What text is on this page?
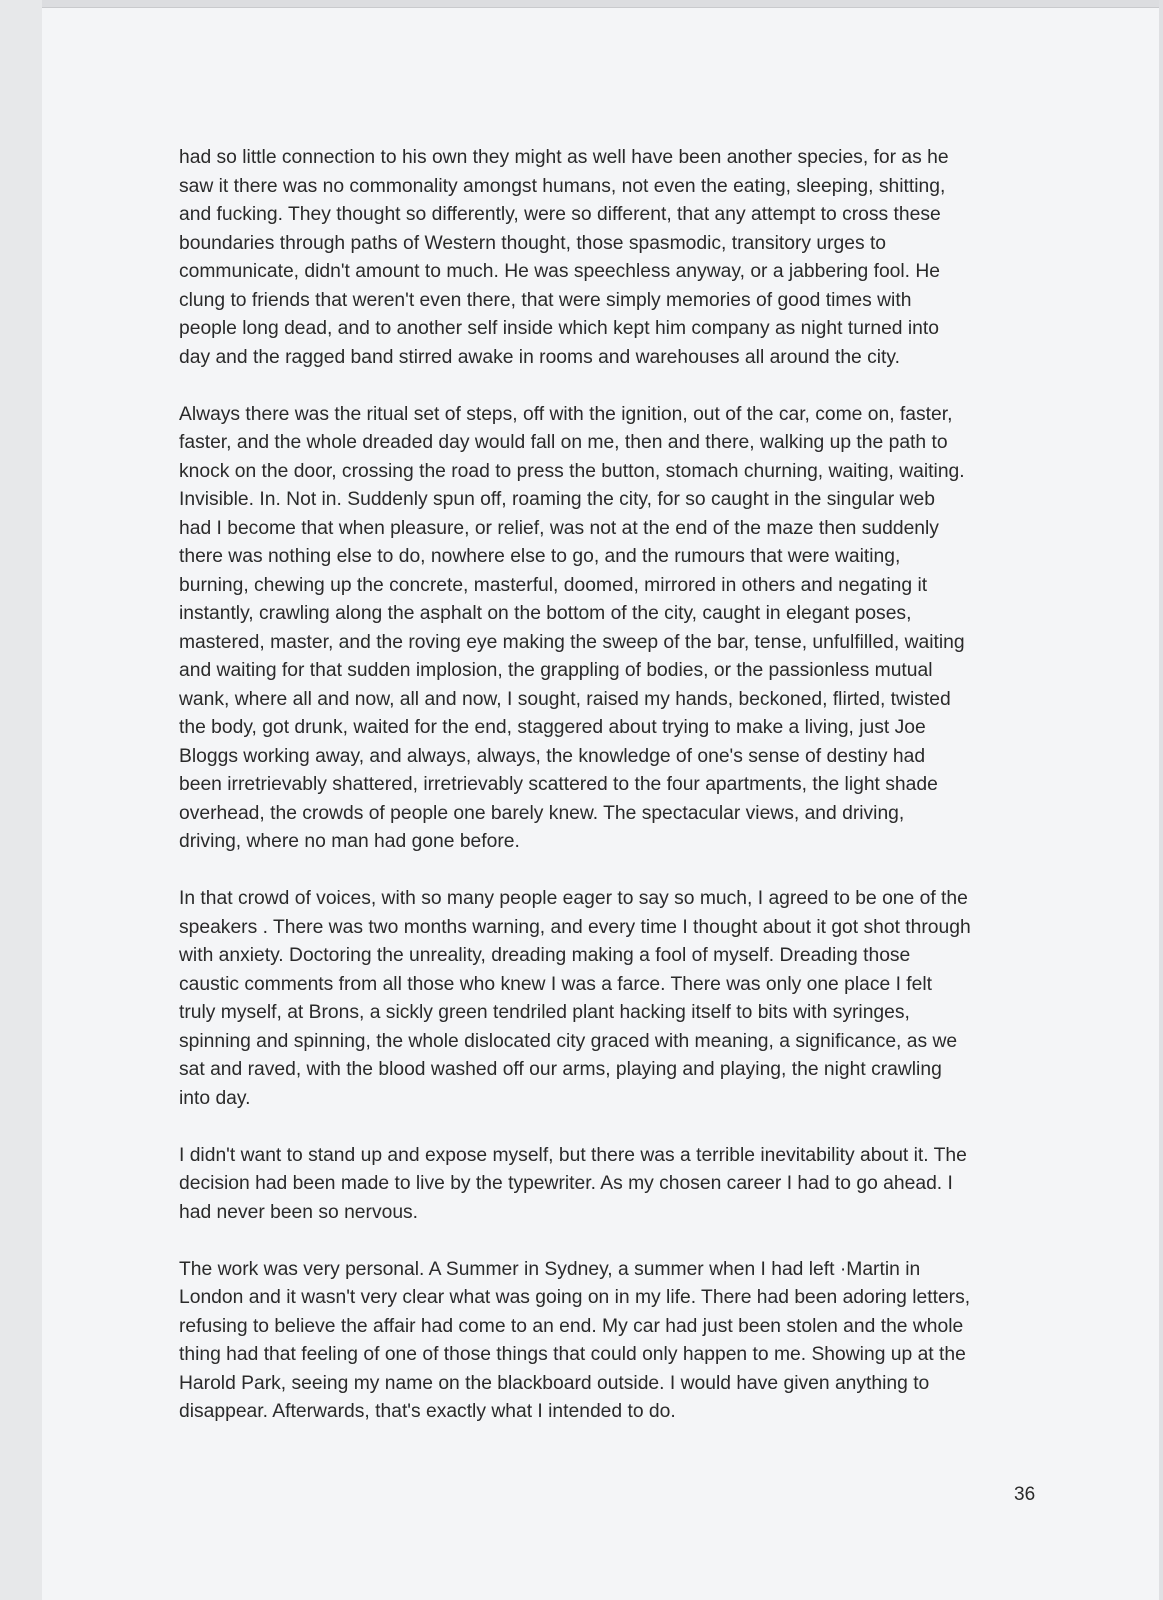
had so little connection to his own they might as well have been another species, for as he
saw it there was no commonality amongst humans, not even the eating, sleeping, shitting,
and fucking. They thought so differently, were so different, that any attempt to cross these
boundaries through paths of Western thought, those spasmodic, transitory urges to
communicate, didn't amount to much. He was speechless anyway, or a jabbering fool. He
clung to friends that weren't even there, that were simply memories of good times with
people long dead, and to another self inside which kept him company as night turned into
day and the ragged band stirred awake in rooms and warehouses all around the city.
Always there was the ritual set of steps, off with the ignition, out of the car, come on, faster,
faster, and the whole dreaded day would fall on me, then and there, walking up the path to
knock on the door, crossing the road to press the button, stomach churning, waiting, waiting.
Invisible. In. Not in. Suddenly spun off, roaming the city, for so caught in the singular web
had I become that when pleasure, or relief, was not at the end of the maze then suddenly
there was nothing else to do, nowhere else to go, and the rumours that were waiting,
burning, chewing up the concrete, masterful, doomed, mirrored in others and negating it
instantly, crawling along the asphalt on the bottom of the city, caught in elegant poses,
mastered, master, and the roving eye making the sweep of the bar, tense, unfulfilled, waiting
and waiting for that sudden implosion, the grappling of bodies, or the passionless mutual
wank, where all and now, all and now, I sought, raised my hands, beckoned, flirted, twisted
the body, got drunk, waited for the end, staggered about trying to make a living, just Joe
Bloggs working away, and always, always, the knowledge of one's sense of destiny had
been irretrievably shattered, irretrievably scattered to the four apartments, the light shade
overhead, the crowds of people one barely knew. The spectacular views, and driving,
driving, where no man had gone before.
In that crowd of voices, with so many people eager to say so much, I agreed to be one of the
speakers . There was two months warning, and every time I thought about it got shot through
with anxiety. Doctoring the unreality, dreading making a fool of myself. Dreading those
caustic comments from all those who knew I was a farce. There was only one place I felt
truly myself, at Brons, a sickly green tendriled plant hacking itself to bits with syringes,
spinning and spinning, the whole dislocated city graced with meaning, a significance, as we
sat and raved, with the blood washed off our arms, playing and playing, the night crawling
into day.
I didn't want to stand up and expose myself, but there was a terrible inevitability about it. The
decision had been made to live by the typewriter. As my chosen career I had to go ahead. I
had never been so nervous.
The work was very personal. A Summer in Sydney, a summer when I had left ·Martin in
London and it wasn't very clear what was going on in my life. There had been adoring letters,
refusing to believe the affair had come to an end. My car had just been stolen and the whole
thing had that feeling of one of those things that could only happen to me. Showing up at the
Harold Park, seeing my name on the blackboard outside. I would have given anything to
disappear. Afterwards, that's exactly what I intended to do.
36
